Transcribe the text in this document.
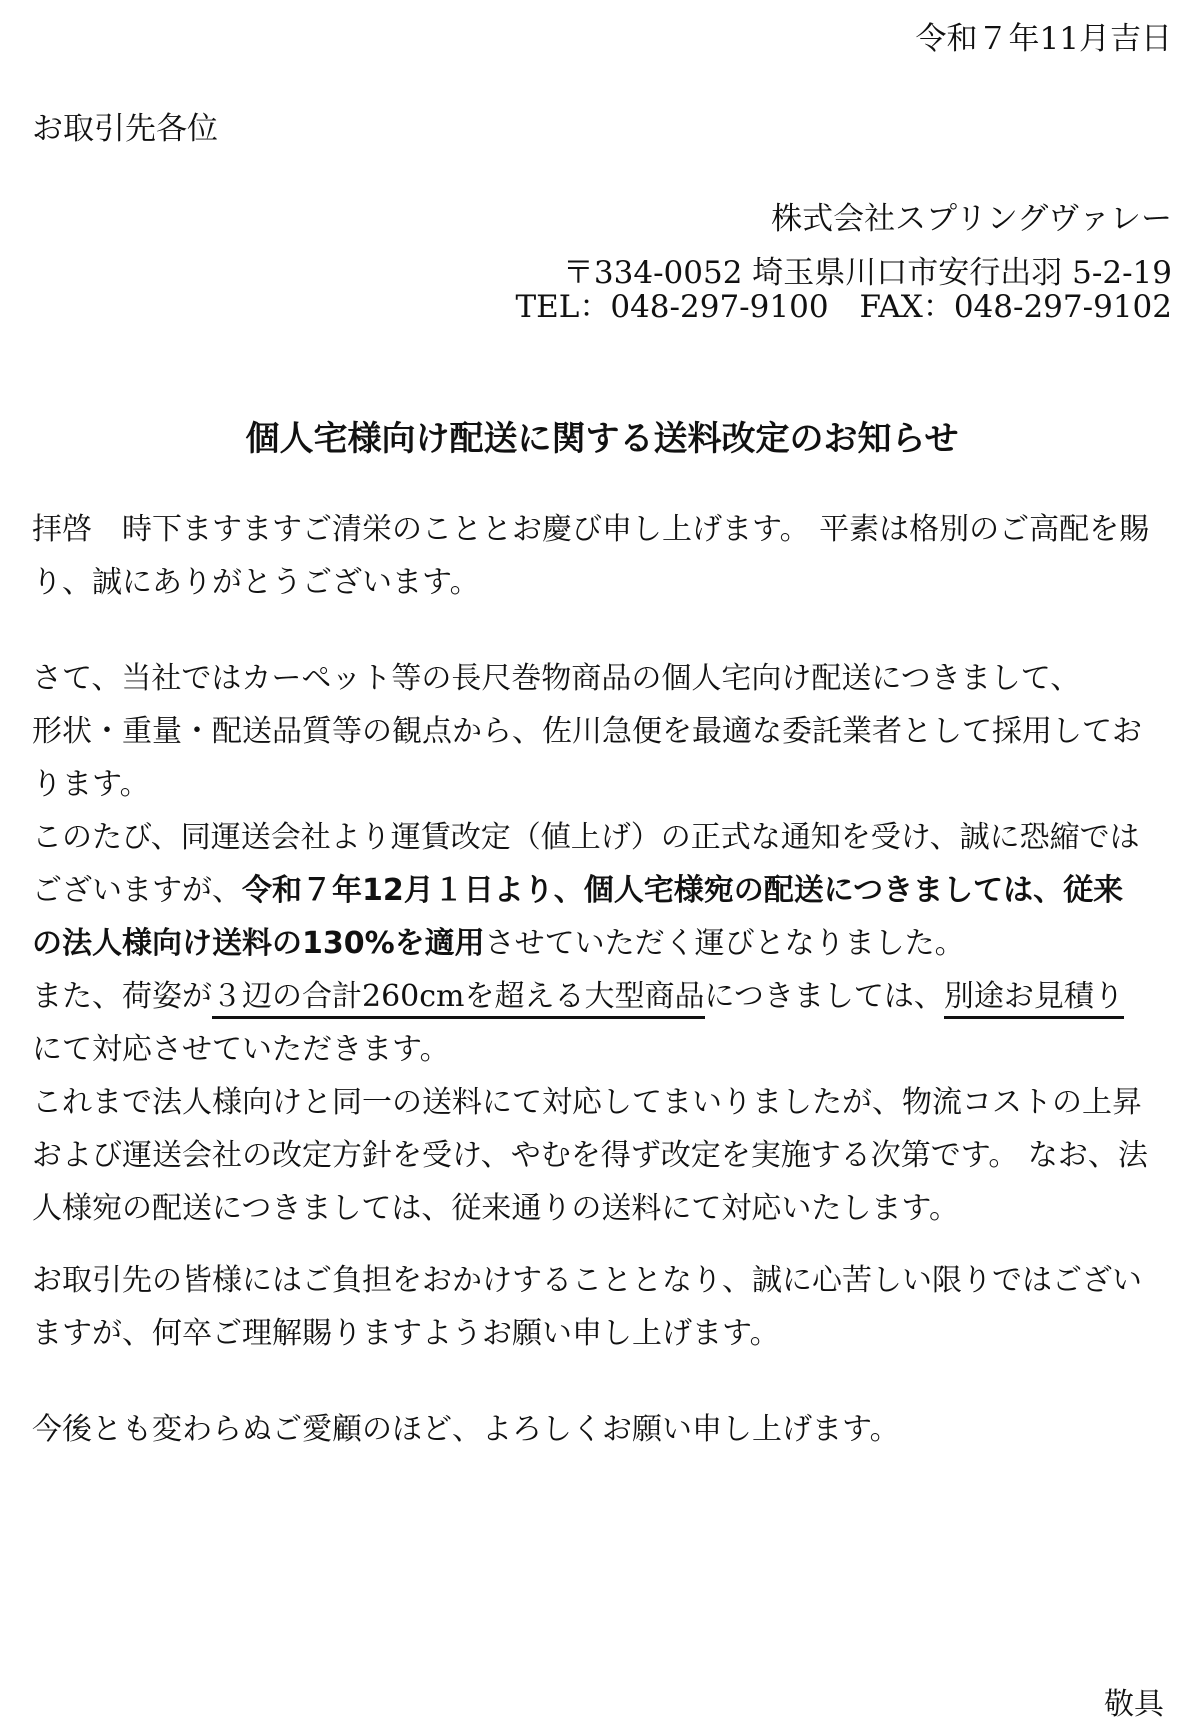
令和７年11月吉日
お取引先各位
株式会社スプリングヴァレー
〒334-0052 埼玉県川口市安行出羽 5-2-19
TEL：048-297-9100　FAX：048-297-9102
個人宅様向け配送に関する送料改定のお知らせ
拝啓　時下ますますご清栄のこととお慶び申し上げます。 平素は格別のご高配を賜
り、誠にありがとうございます。
さて、当社ではカーペット等の長尺巻物商品の個人宅向け配送につきまして、
形状・重量・配送品質等の観点から、佐川急便を最適な委託業者として採用してお
ります。
このたび、同運送会社より運賃改定（値上げ）の正式な通知を受け、誠に恐縮では
ございますが、令和７年12月１日より、個人宅様宛の配送につきましては、従来
の法人様向け送料の130%を適用させていただく運びとなりました。
また、荷姿が３辺の合計260cmを超える大型商品につきましては、別途お見積り
にて対応させていただきます。
これまで法人様向けと同一の送料にて対応してまいりましたが、物流コストの上昇
および運送会社の改定方針を受け、やむを得ず改定を実施する次第です。 なお、法
人様宛の配送につきましては、従来通りの送料にて対応いたします。
お取引先の皆様にはご負担をおかけすることとなり、誠に心苦しい限りではござい
ますが、何卒ご理解賜りますようお願い申し上げます。
今後とも変わらぬご愛顧のほど、よろしくお願い申し上げます。
敬具
